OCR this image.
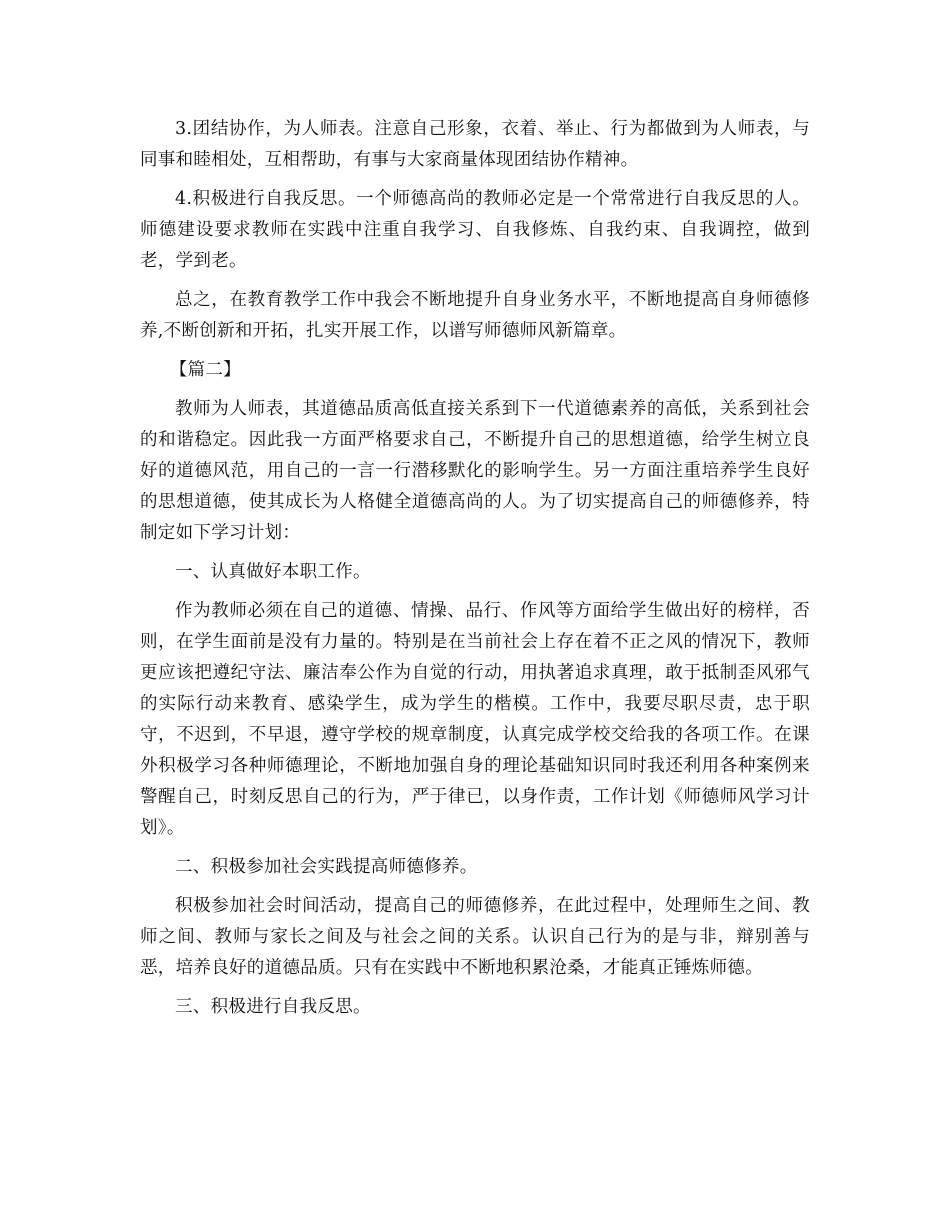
3.团结协作，为人师表。注意自己形象，衣着、举止、行为都做到为人师表，与同事和睦相处，互相帮助，有事与大家商量体现团结协作精神。

4.积极进行自我反思。一个师德高尚的教师必定是一个常常进行自我反思的人。师德建设要求教师在实践中注重自我学习、自我修炼、自我约束、自我调控，做到老，学到老。

总之，在教育教学工作中我会不断地提升自身业务水平，不断地提高自身师德修养,不断创新和开拓，扎实开展工作，以谱写师德师风新篇章。

【篇二】

教师为人师表，其道德品质高低直接关系到下一代道德素养的高低，关系到社会的和谐稳定。因此我一方面严格要求自己，不断提升自己的思想道德，给学生树立良好的道德风范，用自己的一言一行潜移默化的影响学生。另一方面注重培养学生良好的思想道德，使其成长为人格健全道德高尚的人。为了切实提高自己的师德修养，特制定如下学习计划：

一、认真做好本职工作。

作为教师必须在自己的道德、情操、品行、作风等方面给学生做出好的榜样，否则，在学生面前是没有力量的。特别是在当前社会上存在着不正之风的情况下，教师更应该把遵纪守法、廉洁奉公作为自觉的行动，用执著追求真理，敢于抵制歪风邪气的实际行动来教育、感染学生，成为学生的楷模。工作中，我要尽职尽责，忠于职守，不迟到，不早退，遵守学校的规章制度，认真完成学校交给我的各项工作。在课外积极学习各种师德理论，不断地加强自身的理论基础知识同时我还利用各种案例来警醒自己，时刻反思自己的行为，严于律已，以身作责，工作计划《师德师风学习计划》。

二、积极参加社会实践提高师德修养。

积极参加社会时间活动，提高自己的师德修养，在此过程中，处理师生之间、教师之间、教师与家长之间及与社会之间的关系。认识自己行为的是与非，辩别善与恶，培养良好的道德品质。只有在实践中不断地积累沧桑，才能真正锤炼师德。

三、积极进行自我反思。
